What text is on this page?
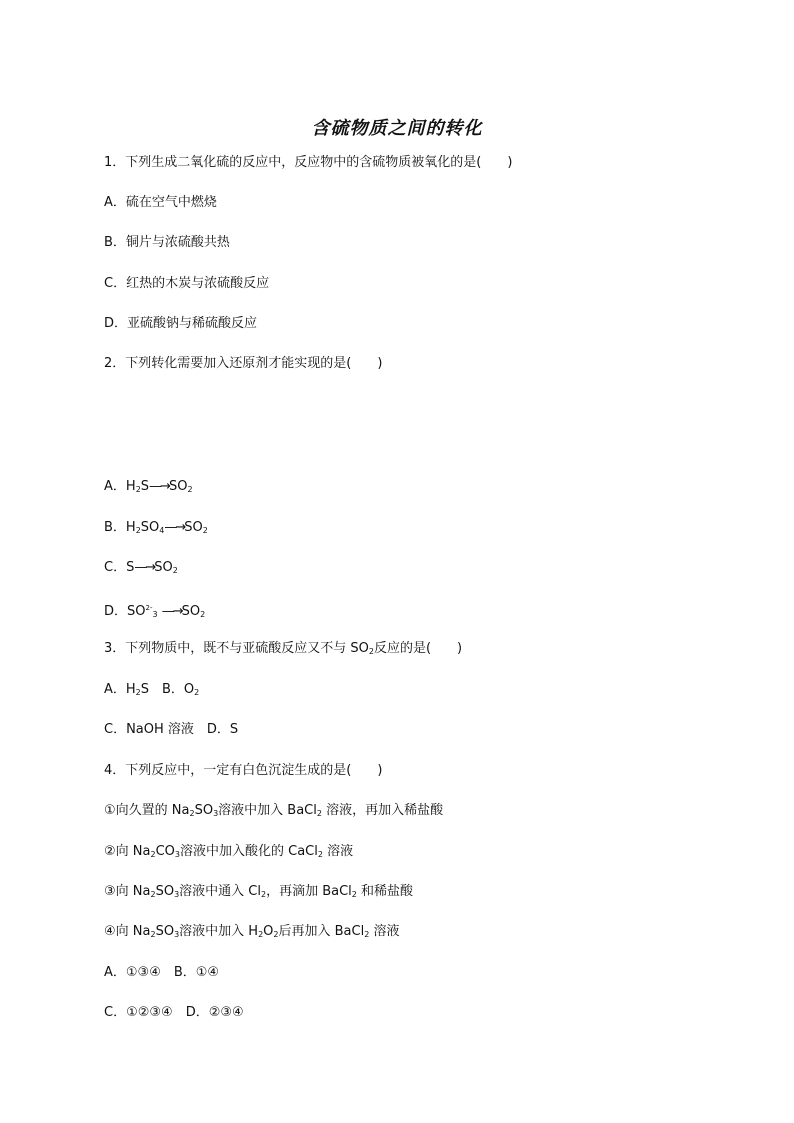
含硫物质之间的转化
1．下列生成二氧化硫的反应中，反应物中的含硫物质被氧化的是(　　)
A．硫在空气中燃烧
B．铜片与浓硫酸共热
C．红热的木炭与浓硫酸反应
D．亚硫酸钠与稀硫酸反应
2．下列转化需要加入还原剂才能实现的是(　　)
A．$H_2S—\to SO_2$
B．$H_2SO_4—\to SO_2$
C．$S—\to SO_2$
D．$SO^{2-}_3$ $—\to SO_2$
3．下列物质中，既不与亚硫酸反应又不与 $SO_2$反应的是(　　)
A．$H_2S$　B．$O_2$
C．NaOH 溶液　D．S
4．下列反应中，一定有白色沉淀生成的是(　　)
①向久置的 $Na_2SO_3$溶液中加入 BaCl$_2$ 溶液，再加入稀盐酸
②向 $Na_2CO_3$溶液中加入酸化的 CaCl$_2$ 溶液
③向 $Na_2SO_3$溶液中通入 $Cl_2$，再滴加 BaCl$_2$ 和稀盐酸
④向 $Na_2SO_3$溶液中加入 $H_2O_2$后再加入 BaCl$_2$ 溶液
A．①③④　B．①④
C．①②③④　D．②③④
